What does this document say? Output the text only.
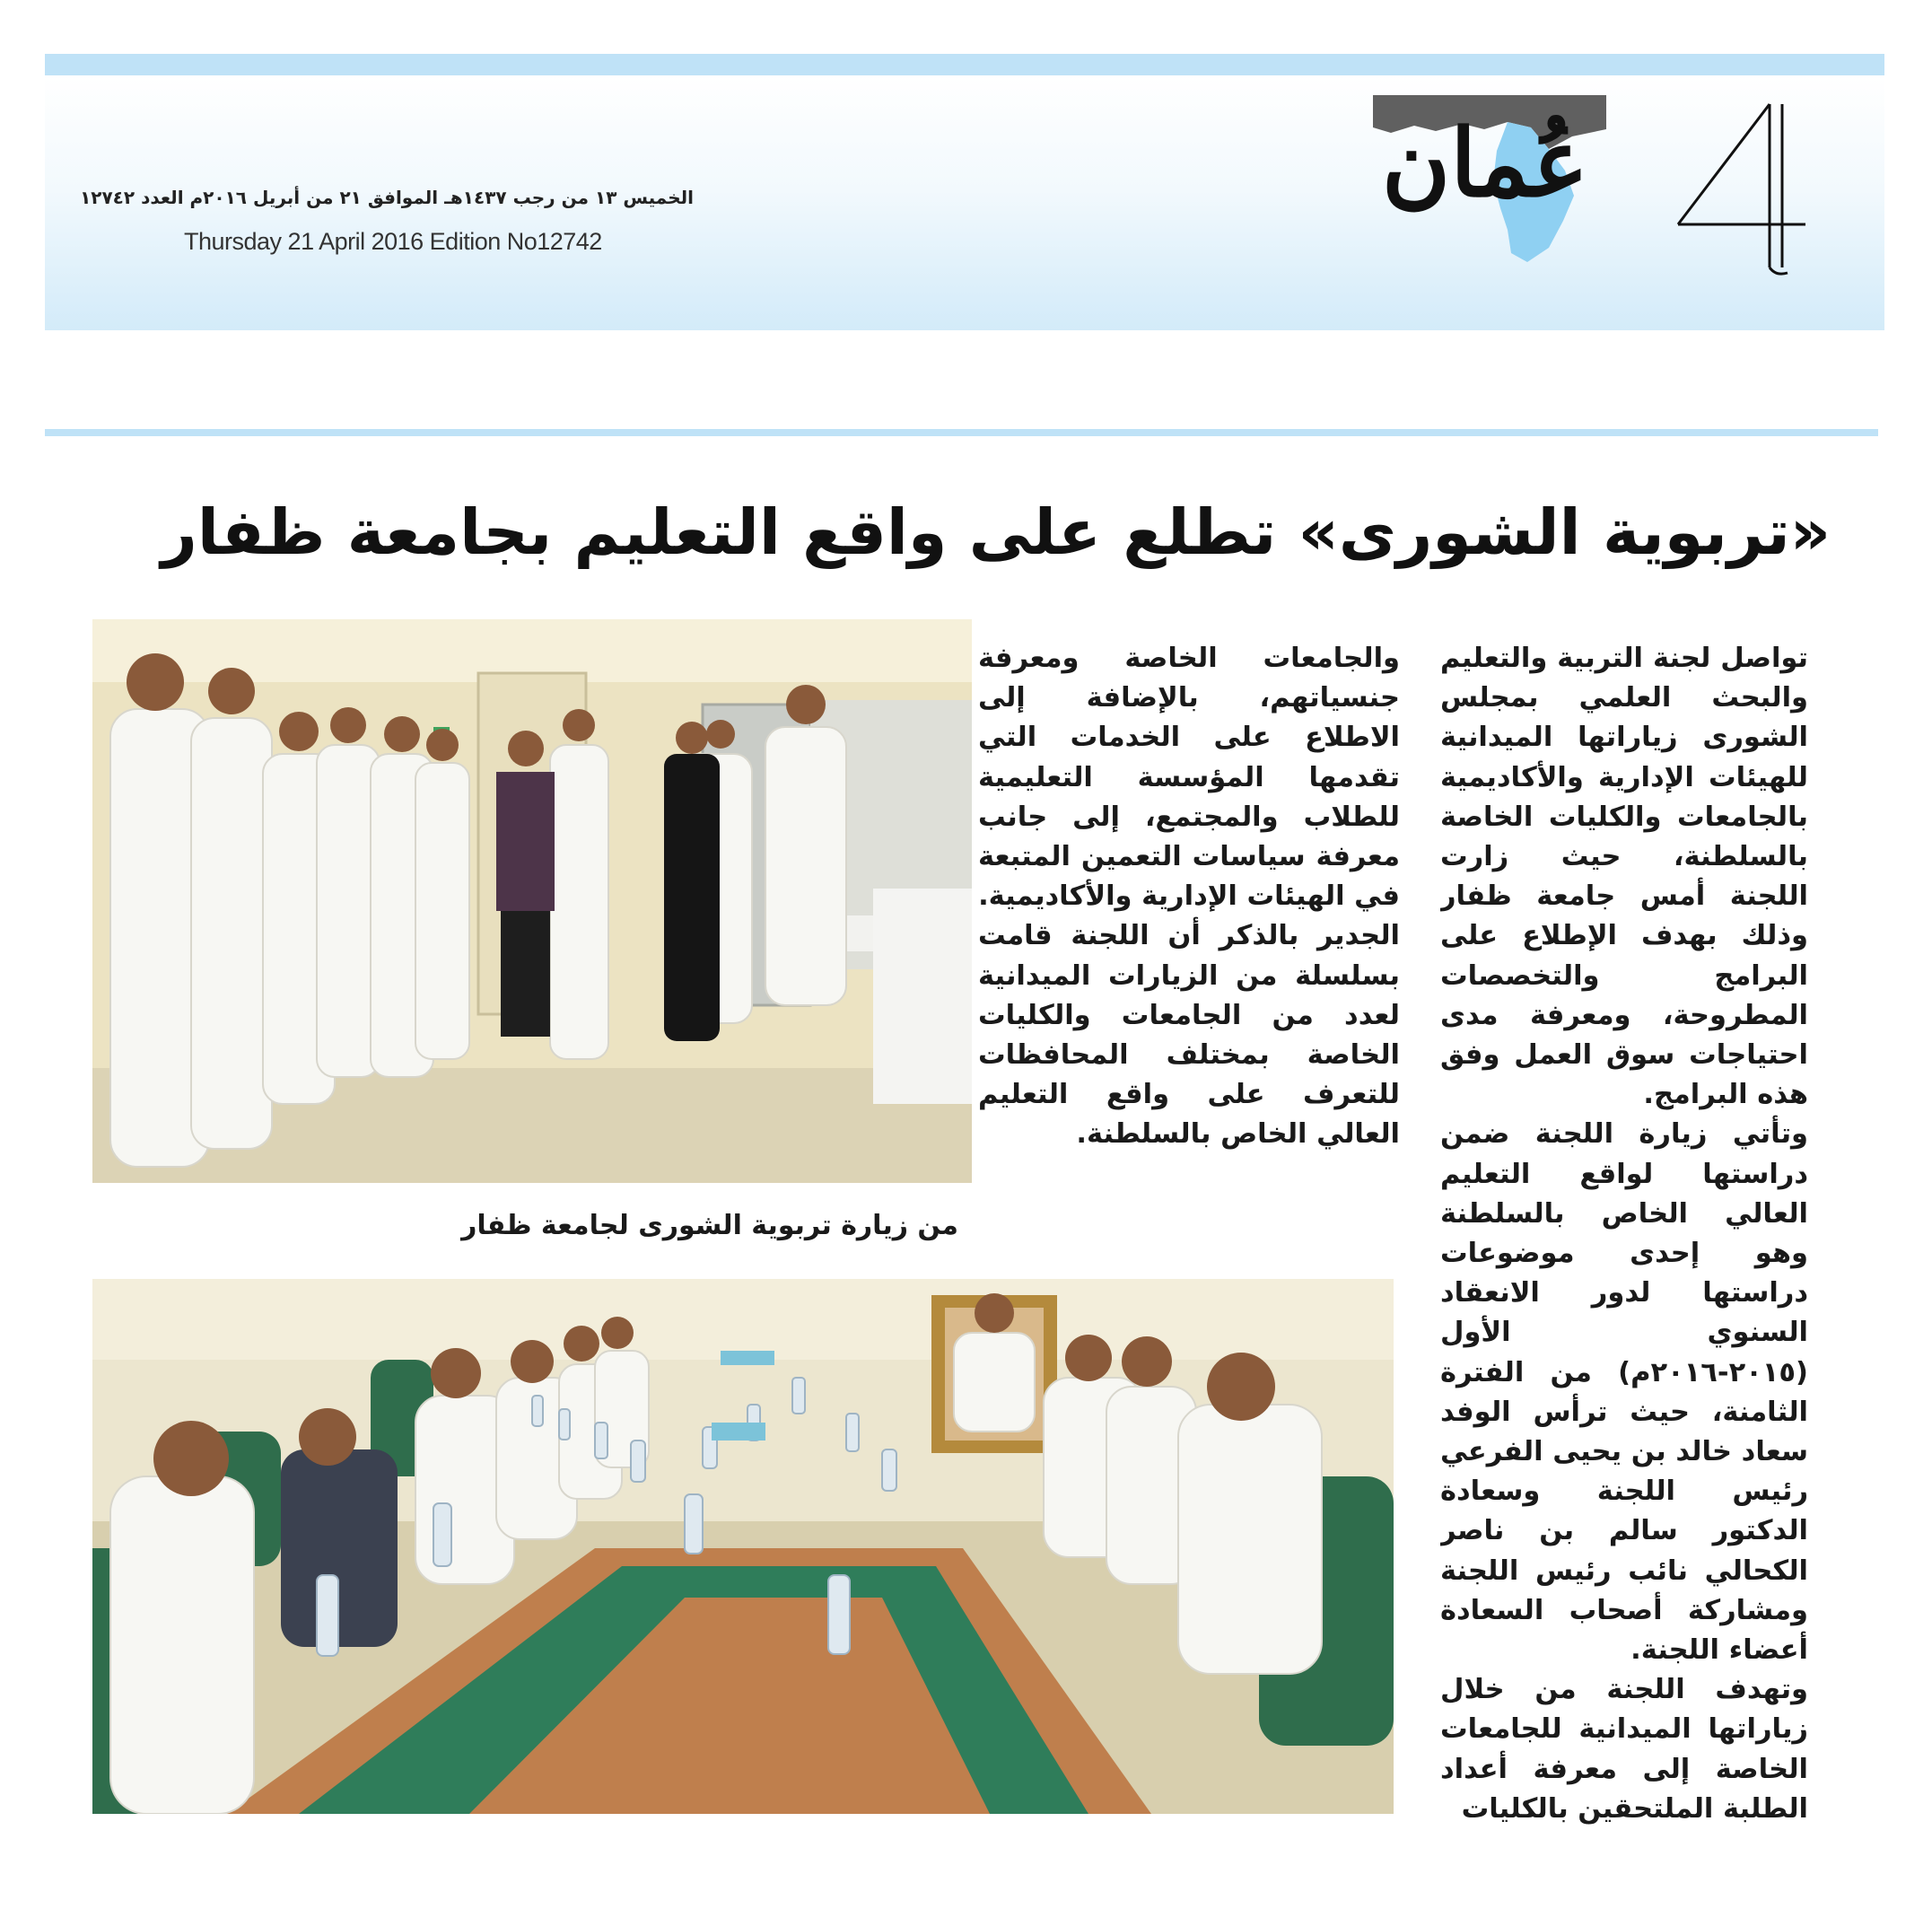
الخميس ١٣ من رجب ١٤٣٧هـ الموافق ٢١ من أبريل ٢٠١٦م العدد ١٢٧٤٢
Thursday 21 April 2016 Edition No12742
عُمان
«تربوية الشورى» تطلع على واقع التعليم بجامعة ظفار

تواصل لجنة التربية والتعليم والبحث العلمي بمجلس الشورى زياراتها الميدانية للهيئات الإدارية والأكاديمية بالجامعات والكليات الخاصة بالسلطنة، حيث زارت اللجنة أمس جامعة ظفار وذلك بهدف الإطلاع على البرامج والتخصصات المطروحة، ومعرفة مدى احتياجات سوق العمل وفق هذه البرامج.

وتأتي زيارة اللجنة ضمن دراستها لواقع التعليم العالي الخاص بالسلطنة وهو إحدى موضوعات دراستها لدور الانعقاد السنوي الأول (٢٠١٥-٢٠١٦م) من الفترة الثامنة، حيث ترأس الوفد سعاد خالد بن يحيى الفرعي رئيس اللجنة وسعادة الدكتور سالم بن ناصر الكحالي نائب رئيس اللجنة ومشاركة أصحاب السعادة أعضاء اللجنة.

وتهدف اللجنة من خلال زياراتها الميدانية للجامعات الخاصة إلى معرفة أعداد الطلبة الملتحقين بالكليات

والجامعات الخاصة ومعرفة جنسياتهم، بالإضافة إلى الاطلاع على الخدمات التي تقدمها المؤسسة التعليمية للطلاب والمجتمع، إلى جانب معرفة سياسات التعمين المتبعة في الهيئات الإدارية والأكاديمية.

الجدير بالذكر أن اللجنة قامت بسلسلة من الزيارات الميدانية لعدد من الجامعات والكليات الخاصة بمختلف المحافظات للتعرف على واقع التعليم العالي الخاص بالسلطنة.

من زيارة تربوية الشورى لجامعة ظفار
